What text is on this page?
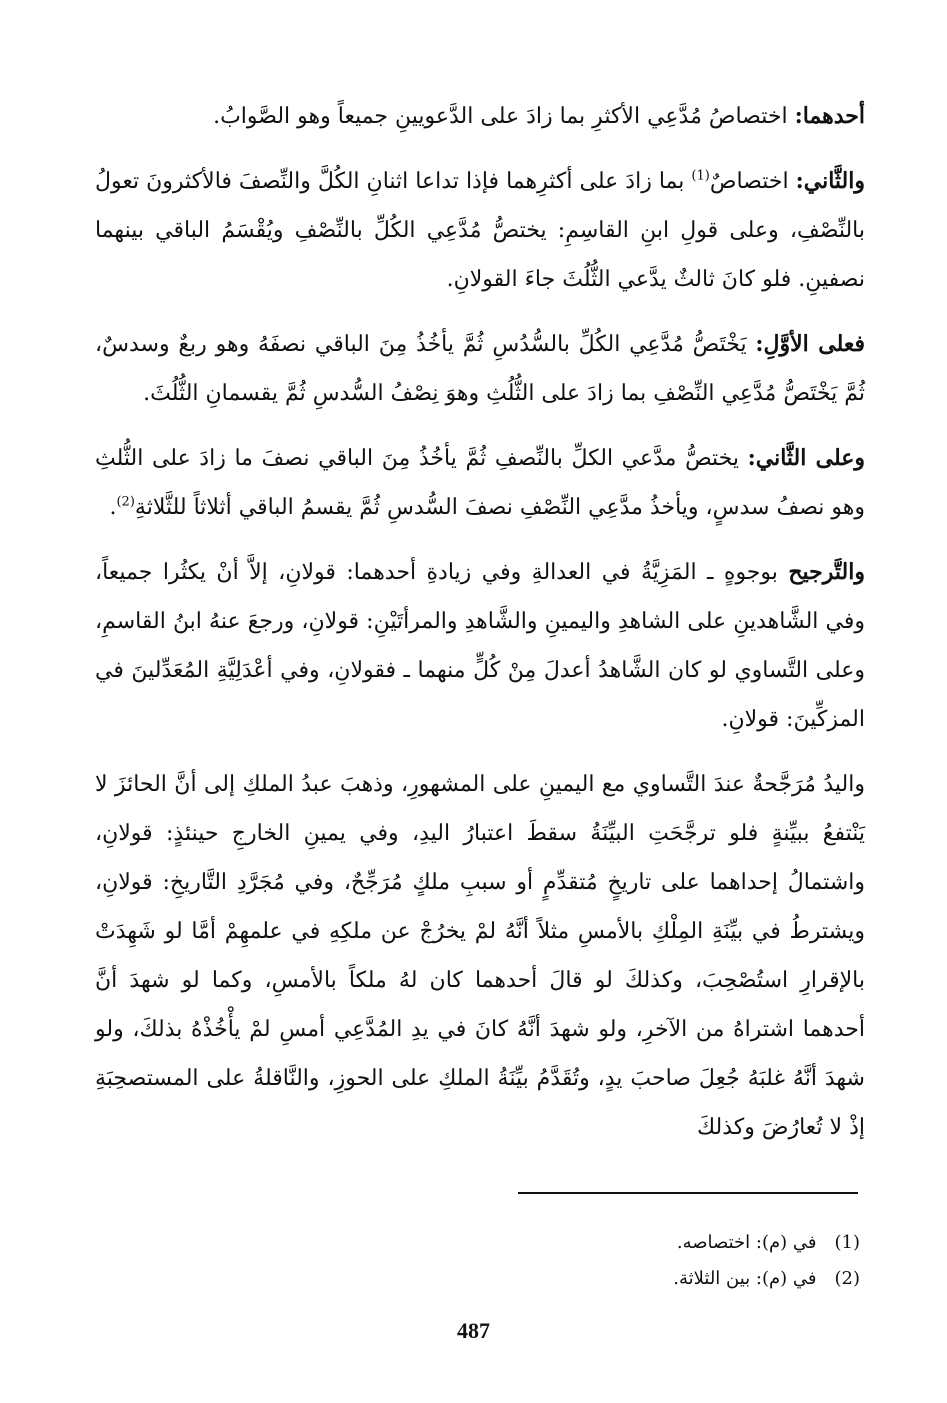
أحدهما: اختصاصُ مُدَّعِي الأكثرِ بما زادَ على الدَّعويينِ جميعاً وهو الصَّوابُ.

والثَّاني: اختصاصٌ$^{(1)}$ بما زادَ على أكثرِهما فإذا تداعا اثنانِ الكُلَّ والنِّصفَ فالأكثرونَ تعولُ بالنِّصْفِ، وعلى قولِ ابنِ القاسِمِ: يختصُّ مُدَّعِي الكُلِّ بالنِّصْفِ ويُقْسَمُ الباقي بينهما نصفينِ. فلو كانَ ثالثٌ يدَّعي الثُّلُثَ جاءَ القولانِ.

فعلى الأوَّلِ: يَخْتَصُّ مُدَّعِي الكُلِّ بالسُّدُسِ ثُمَّ يأخُذُ مِنَ الباقي نصفَهُ وهو ربعٌ وسدسٌ، ثُمَّ يَخْتَصُّ مُدَّعِي النِّصْفِ بما زادَ على الثُّلُثِ وهوَ نِصْفُ السُّدسِ ثُمَّ يقسمانِ الثُّلُثَ.

وعلى الثَّاني: يختصُّ مدَّعي الكلِّ بالنِّصفِ ثُمَّ يأخُذُ مِنَ الباقي نصفَ ما زادَ على الثُّلثِ وهو نصفُ سدسٍ، ويأخذُ مدَّعِي النِّصْفِ نصفَ السُّدسِ ثُمَّ يقسمُ الباقي أثلاثاً للثَّلاثةِ$^{(2)}$.

والتَّرجيح بوجوهٍ ـ المَزِيَّةُ في العدالةِ وفي زيادةِ أحدهما: قولانِ، إلاَّ أنْ يكثُرا جميعاً، وفي الشَّاهدينِ على الشاهدِ واليمينِ والشَّاهدِ والمرأتَيْنِ: قولانِ، ورجعَ عنهُ ابنُ القاسمِ، وعلى التَّساوي لو كان الشَّاهدُ أعدلَ مِنْ كُلٍّ منهما ـ فقولانِ، وفي أعْدَلِيَّةِ المُعَدِّلينَ في المزكِّينَ: قولانِ.

واليدُ مُرَجَّحةٌ عندَ التَّساوي مع اليمينِ على المشهورِ، وذهبَ عبدُ الملكِ إلى أنَّ الحائزَ لا يَنْتفعُ ببيِّنةٍ فلو ترجَّحَتِ البيِّنَةُ سقطَ اعتبارُ اليدِ، وفي يمينِ الخارجِ حينئذٍ: قولانِ، واشتمالُ إحداهما على تاريخٍ مُتقدِّمٍ أو سببِ ملكٍ مُرَجِّحٌ، وفي مُجَرَّدِ التَّاريخِ: قولانِ، ويشترطُ في بيِّنَةِ المِلْكِ بالأمسِ مثلاً أنَّهُ لمْ يخرُجْ عن ملكِهِ في علمهِمْ أمَّا لو شَهِدَتْ بالإقرارِ استُصْحِبَ، وكذلكَ لو قالَ أحدهما كان لهُ ملكاً بالأمسِ، وكما لو شهدَ أنَّ أحدهما اشتراهُ من الآخرِ، ولو شهدَ أنَّهُ كانَ في يدِ المُدَّعِي أمسِ لمْ يأْخُذْهُ بذلكَ، ولو شهدَ أنَّهُ غلبَهُ جُعِلَ صاحبَ يدٍ، وتُقَدَّمُ بيِّنَةُ الملكِ على الحوزِ، والنَّاقلةُ على المستصحِبَةِ إذْ لا تُعارُضَ وكذلكَ

(1)في (م): اختصاصه.
(2)في (م): بين الثلاثة.
487
